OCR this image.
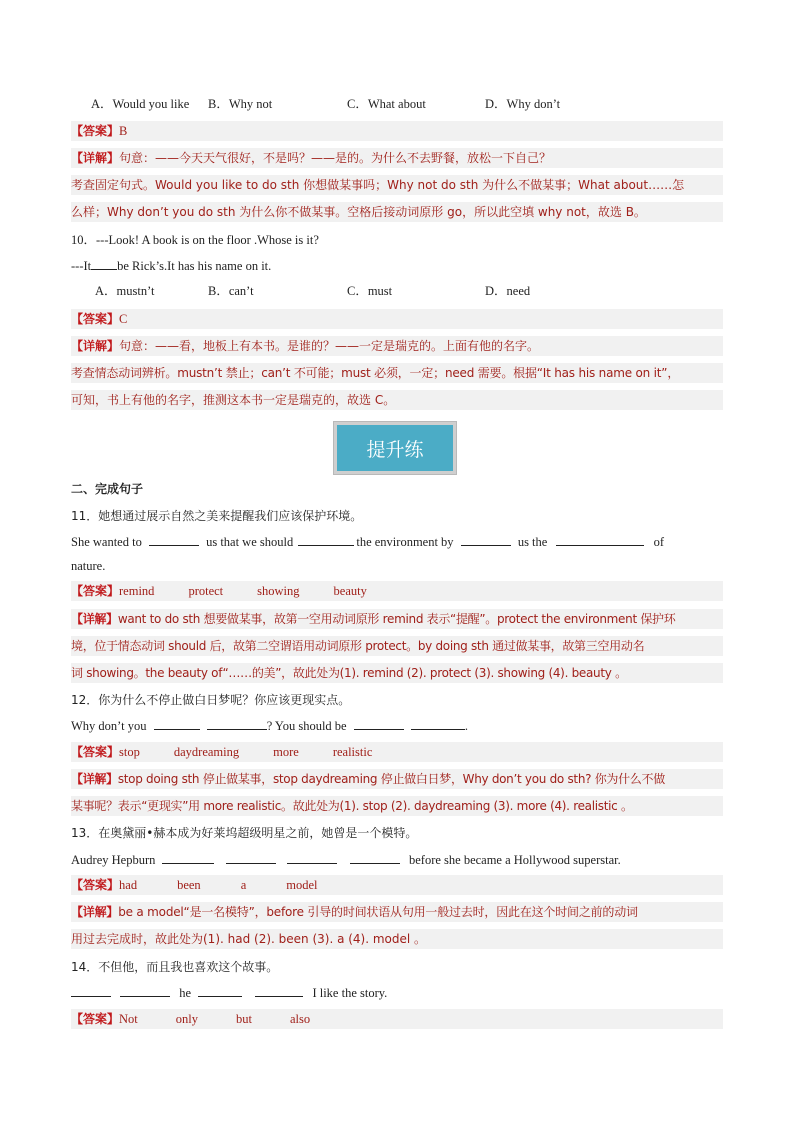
A．Would you like B．Why not	C．What about	D．Why don’t
【答案】B
【详解】句意：——今天天气很好，不是吗？——是的。为什么不去野餐，放松一下自己？
考查固定句式。Would you like to do sth 你想做某事吗；Why not do sth 为什么不做某事；What about……怎
么样；Why don’t you do sth 为什么你不做某事。空格后接动词原形 go，所以此空填 why not，故选 B。
10．---Look! A book is on the floor .Whose is it?
---It be Rick’s.It has his name on it.
A．mustn’t	B．can’t	C．must	D．need
【答案】C
【详解】句意：——看，地板上有本书。是谁的？——一定是瑞克的。上面有他的名字。
考查情态动词辨析。mustn’t 禁止；can’t 不可能；must 必须，一定；need 需要。根据“It has his name on it”，
可知，书上有他的名字，推测这本书一定是瑞克的，故选 C。
提升练
二、完成句子
11．她想通过展示自然之美来提醒我们应该保护环境。
She wanted to	us that we should	the environment by	us the	of
nature.
【答案】remind	protect	showing	beauty
【详解】want to do sth 想要做某事，故第一空用动词原形 remind 表示“提醒”。protect the environment 保护环
境，位于情态动词 should 后，故第二空谓语用动词原形 protect。by doing sth 通过做某事，故第三空用动名
词 showing。the beauty of“……的美”，故此处为(1). remind (2). protect (3). showing (4). beauty 。
12．你为什么不停止做白日梦呢？你应该更现实点。
Why don’t you	? You should be	.
【答案】stop	daydreaming	more	realistic
【详解】stop doing sth 停止做某事，stop daydreaming 停止做白日梦，Why don’t you do sth? 你为什么不做
某事呢？表示“更现实”用 more realistic。故此处为(1). stop (2). daydreaming (3). more (4). realistic 。
13．在奥黛丽•赫本成为好莱坞超级明星之前，她曾是一个模特。
Audrey Hepburn	before she became a Hollywood superstar.
【答案】had	been	a	model
【详解】be a model“是一名模特”，before 引导的时间状语从句用一般过去时，因此在这个时间之前的动词
用过去完成时，故此处为(1). had (2). been (3). a (4). model 。
14．不但他，而且我也喜欢这个故事。
he	I like the story.
【答案】Not	only	but	also
